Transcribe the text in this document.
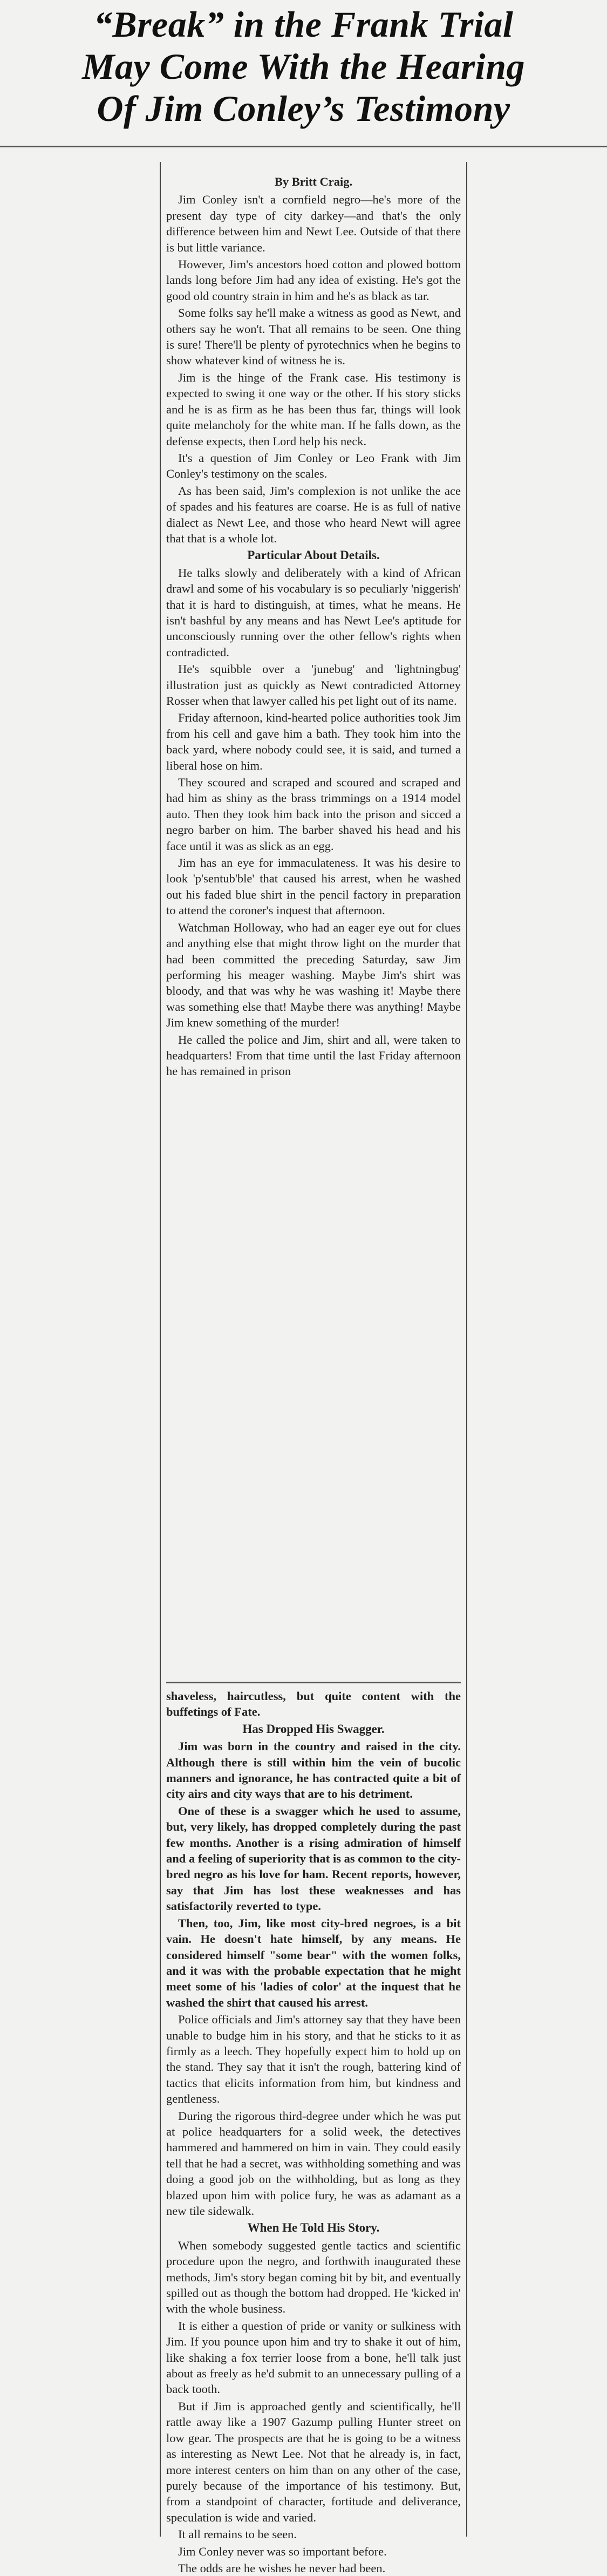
“Break” in the Frank Trial
May Come With the Hearing
Of Jim Conley’s Testimony

By Britt Craig.

Jim Conley isn't a cornfield negro—he's more of the present day type of city darkey—and that's the only difference between him and Newt Lee. Outside of that there is but little variance.

However, Jim's ancestors hoed cotton and plowed bottom lands long before Jim had any idea of existing. He's got the good old country strain in him and he's as black as tar.

Some folks say he'll make a witness as good as Newt, and others say he won't. That all remains to be seen. One thing is sure! There'll be plenty of pyrotechnics when he begins to show whatever kind of witness he is.

Jim is the hinge of the Frank case. His testimony is expected to swing it one way or the other. If his story sticks and he is as firm as he has been thus far, things will look quite melancholy for the white man. If he falls down, as the defense expects, then Lord help his neck.

It's a question of Jim Conley or Leo Frank with Jim Conley's testimony on the scales.

As has been said, Jim's complexion is not unlike the ace of spades and his features are coarse. He is as full of native dialect as Newt Lee, and those who heard Newt will agree that that is a whole lot.

Particular About Details.

He talks slowly and deliberately with a kind of African drawl and some of his vocabulary is so peculiarly 'niggerish' that it is hard to distinguish, at times, what he means. He isn't bashful by any means and has Newt Lee's aptitude for unconsciously running over the other fellow's rights when contradicted.

He's squibble over a 'junebug' and 'lightningbug' illustration just as quickly as Newt contradicted Attorney Rosser when that lawyer called his pet light out of its name.

Friday afternoon, kind-hearted police authorities took Jim from his cell and gave him a bath. They took him into the back yard, where nobody could see, it is said, and turned a liberal hose on him.

They scoured and scraped and scoured and scraped and had him as shiny as the brass trimmings on a 1914 model auto. Then they took him back into the prison and sicced a negro barber on him. The barber shaved his head and his face until it was as slick as an egg.

Jim has an eye for immaculateness. It was his desire to look 'p'sentub'ble' that caused his arrest, when he washed out his faded blue shirt in the pencil factory in preparation to attend the coroner's inquest that afternoon.

Watchman Holloway, who had an eager eye out for clues and anything else that might throw light on the murder that had been committed the preceding Saturday, saw Jim performing his meager washing. Maybe Jim's shirt was bloody, and that was why he was washing it! Maybe there was something else that! Maybe there was anything! Maybe Jim knew something of the murder!

He called the police and Jim, shirt and all, were taken to headquarters! From that time until the last Friday afternoon he has remained in prison

shaveless, haircutless, but quite content with the buffetings of Fate.

Has Dropped His Swagger.

Jim was born in the country and raised in the city. Although there is still within him the vein of bucolic manners and ignorance, he has contracted quite a bit of city airs and city ways that are to his detriment.

One of these is a swagger which he used to assume, but, very likely, has dropped completely during the past few months. Another is a rising admiration of himself and a feeling of superiority that is as common to the city-bred negro as his love for ham. Recent reports, however, say that Jim has lost these weaknesses and has satisfactorily reverted to type.

Then, too, Jim, like most city-bred negroes, is a bit vain. He doesn't hate himself, by any means. He considered himself "some bear" with the women folks, and it was with the probable expectation that he might meet some of his 'ladies of color' at the inquest that he washed the shirt that caused his arrest.

Police officials and Jim's attorney say that they have been unable to budge him in his story, and that he sticks to it as firmly as a leech. They hopefully expect him to hold up on the stand. They say that it isn't the rough, battering kind of tactics that elicits information from him, but kindness and gentleness.

During the rigorous third-degree under which he was put at police headquarters for a solid week, the detectives hammered and hammered on him in vain. They could easily tell that he had a secret, was withholding something and was doing a good job on the withholding, but as long as they blazed upon him with police fury, he was as adamant as a new tile sidewalk.

When He Told His Story.

When somebody suggested gentle tactics and scientific procedure upon the negro, and forthwith inaugurated these methods, Jim's story began coming bit by bit, and eventually spilled out as though the bottom had dropped. He 'kicked in' with the whole business.

It is either a question of pride or vanity or sulkiness with Jim. If you pounce upon him and try to shake it out of him, like shaking a fox terrier loose from a bone, he'll talk just about as freely as he'd submit to an unnecessary pulling of a back tooth.

But if Jim is approached gently and scientifically, he'll rattle away like a 1907 Gazump pulling Hunter street on low gear. The prospects are that he is going to be a witness as interesting as Newt Lee. Not that he already is, in fact, more interest centers on him than on any other of the case, purely because of the importance of his testimony. But, from a standpoint of character, fortitude and deliverance, speculation is wide and varied.

It all remains to be seen.

Jim Conley never was so important before.

The odds are he wishes he never had been.
